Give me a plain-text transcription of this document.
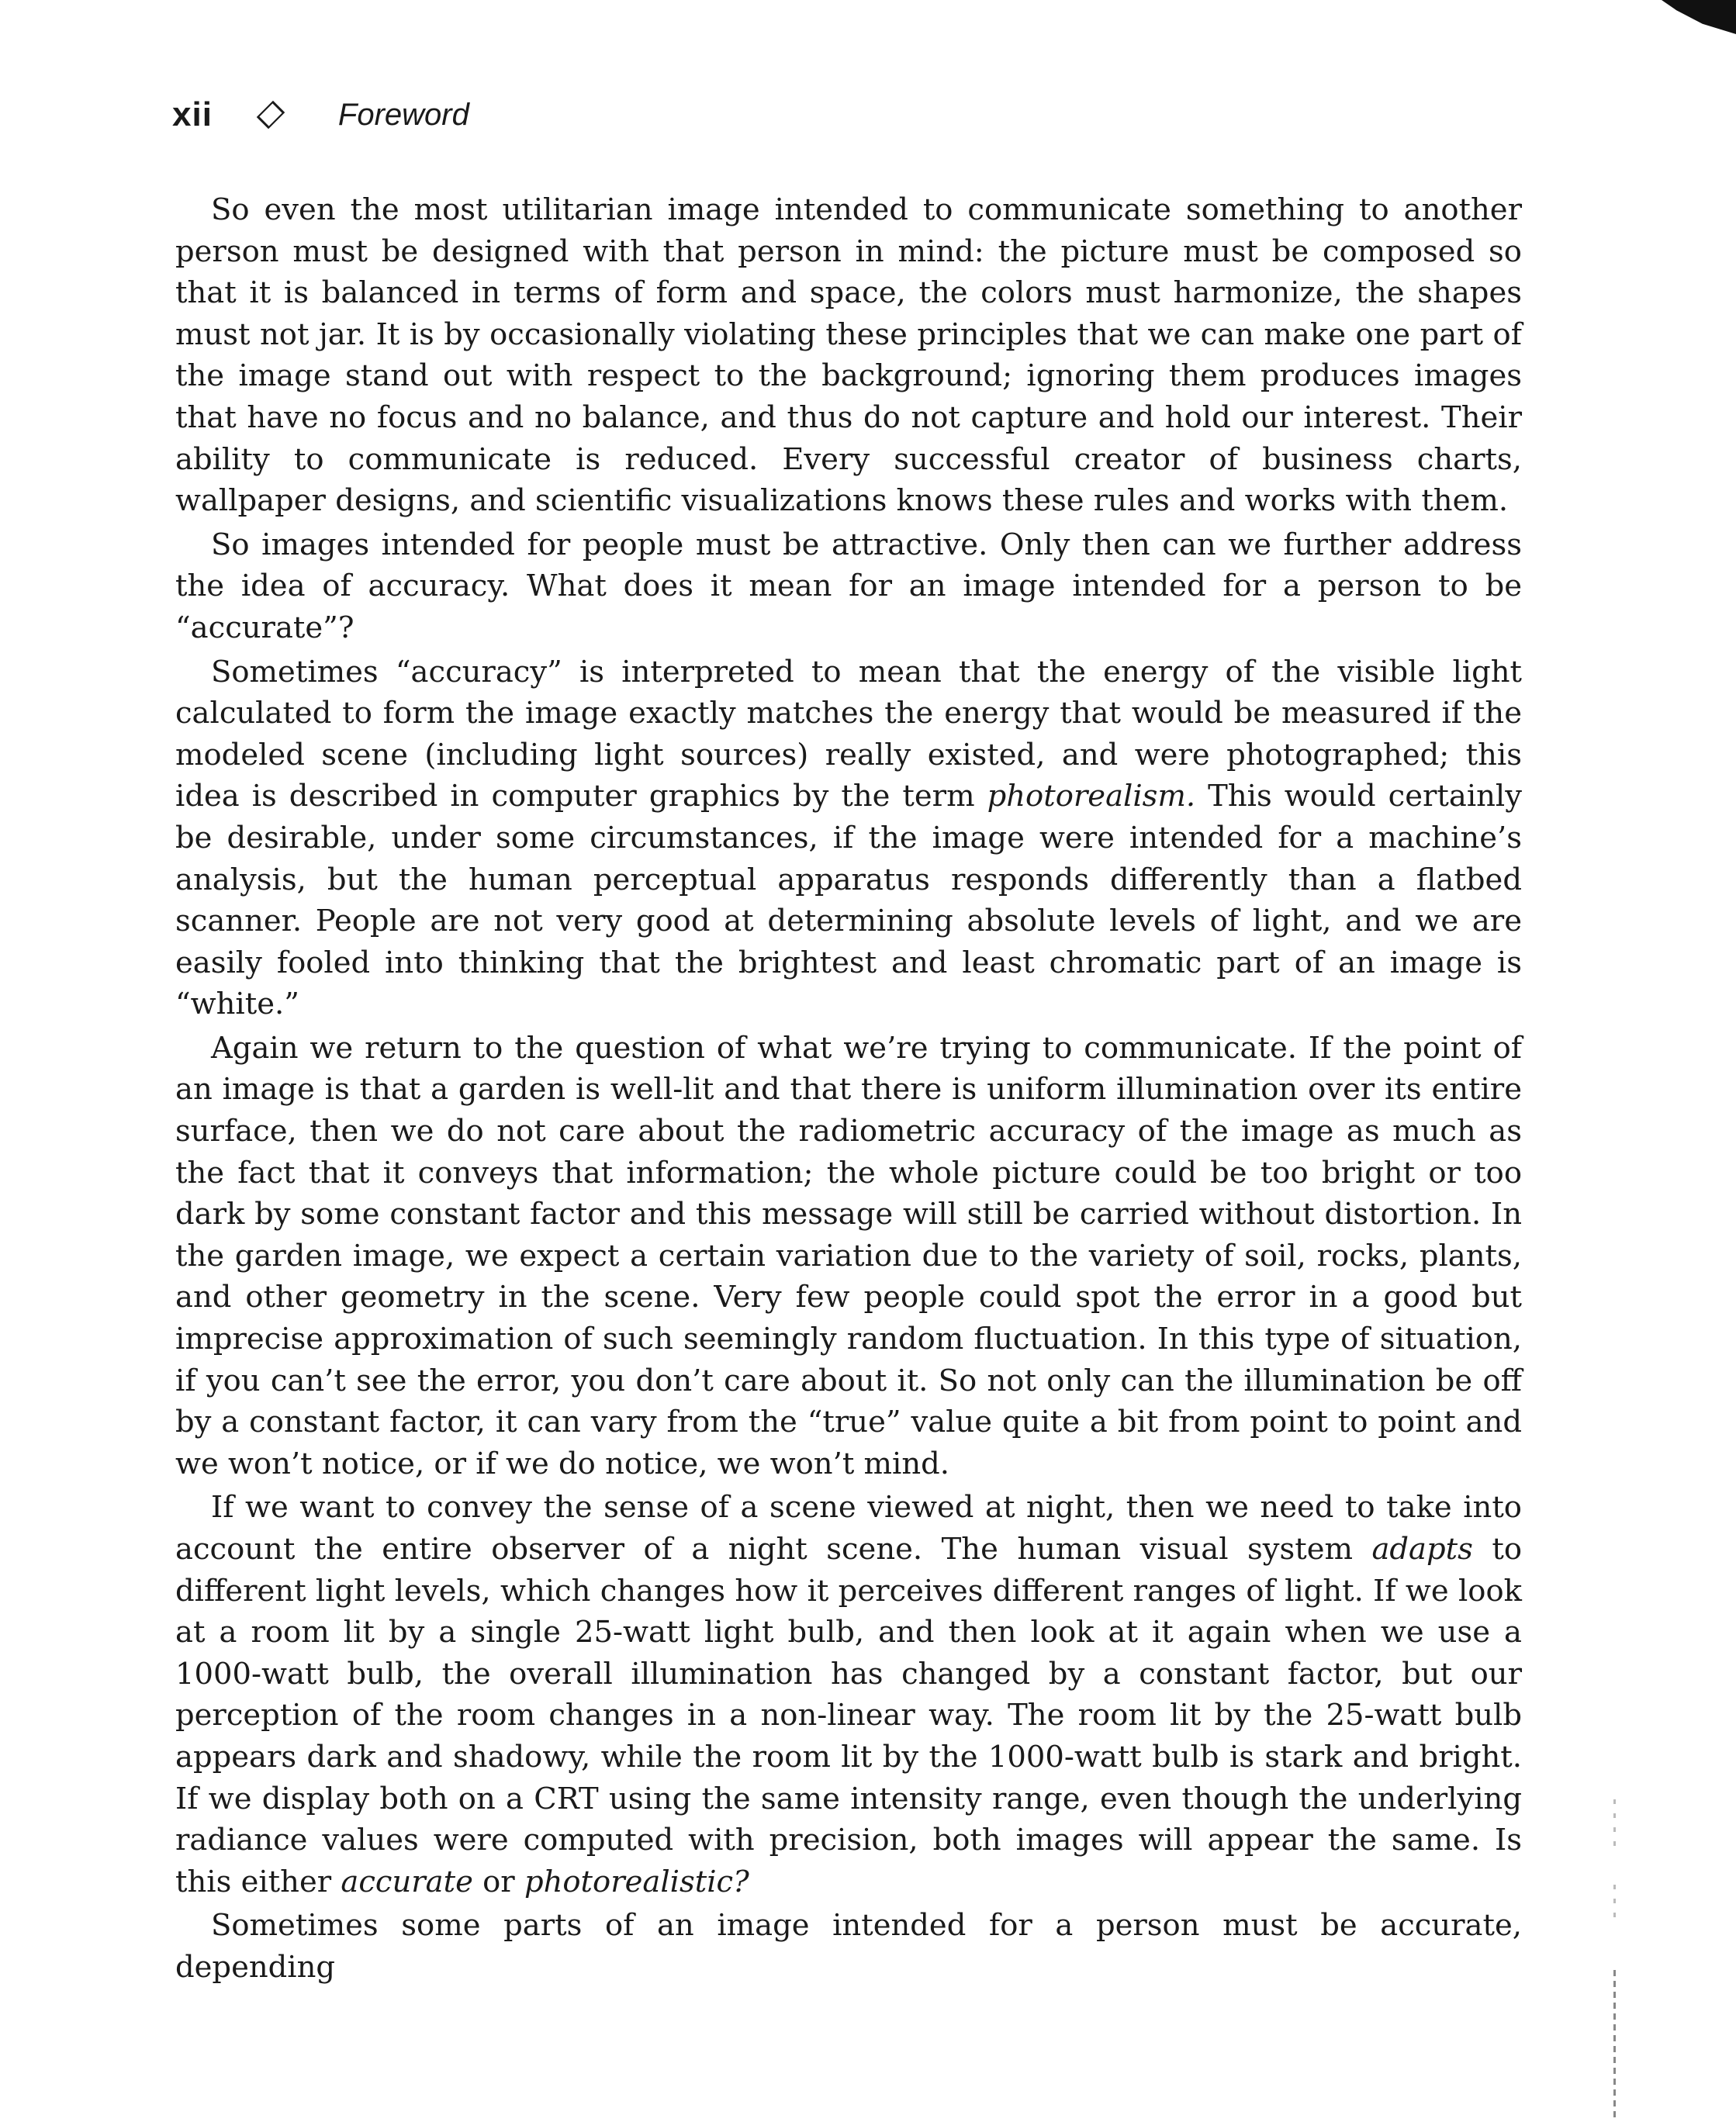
xii	Foreword

So even the most utilitarian image intended to communicate something to another person must be designed with that person in mind: the picture must be composed so that it is balanced in terms of form and space, the colors must harmonize, the shapes must not jar. It is by occasionally violating these principles that we can make one part of the image stand out with respect to the background; ignoring them produces images that have no focus and no balance, and thus do not capture and hold our interest. Their ability to communicate is reduced. Every successful creator of business charts, wallpaper designs, and scientific visualizations knows these rules and works with them.

So images intended for people must be attractive. Only then can we further address the idea of accuracy. What does it mean for an image intended for a person to be “accurate”?

Sometimes “accuracy” is interpreted to mean that the energy of the visible light calculated to form the image exactly matches the energy that would be measured if the modeled scene (including light sources) really existed, and were photographed; this idea is described in computer graphics by the term photorealism. This would certainly be desirable, under some circumstances, if the image were intended for a machine’s analysis, but the human perceptual apparatus responds differently than a flatbed scanner. People are not very good at determining absolute levels of light, and we are easily fooled into thinking that the brightest and least chromatic part of an image is “white.”

Again we return to the question of what we’re trying to communicate. If the point of an image is that a garden is well-lit and that there is uniform illumination over its entire surface, then we do not care about the radiometric accuracy of the image as much as the fact that it conveys that information; the whole picture could be too bright or too dark by some constant factor and this message will still be carried without distortion. In the garden image, we expect a certain variation due to the variety of soil, rocks, plants, and other geometry in the scene. Very few people could spot the error in a good but imprecise approximation of such seemingly random fluctuation. In this type of situation, if you can’t see the error, you don’t care about it. So not only can the illumination be off by a constant factor, it can vary from the “true” value quite a bit from point to point and we won’t notice, or if we do notice, we won’t mind.

If we want to convey the sense of a scene viewed at night, then we need to take into account the entire observer of a night scene. The human visual system adapts to different light levels, which changes how it perceives different ranges of light. If we look at a room lit by a single 25-watt light bulb, and then look at it again when we use a 1000-watt bulb, the overall illumination has changed by a constant factor, but our perception of the room changes in a non-linear way. The room lit by the 25-watt bulb appears dark and shadowy, while the room lit by the 1000-watt bulb is stark and bright. If we display both on a CRT using the same intensity range, even though the underlying radiance values were computed with precision, both images will appear the same. Is this either accurate or photorealistic?

Sometimes some parts of an image intended for a person must be accurate, depending
